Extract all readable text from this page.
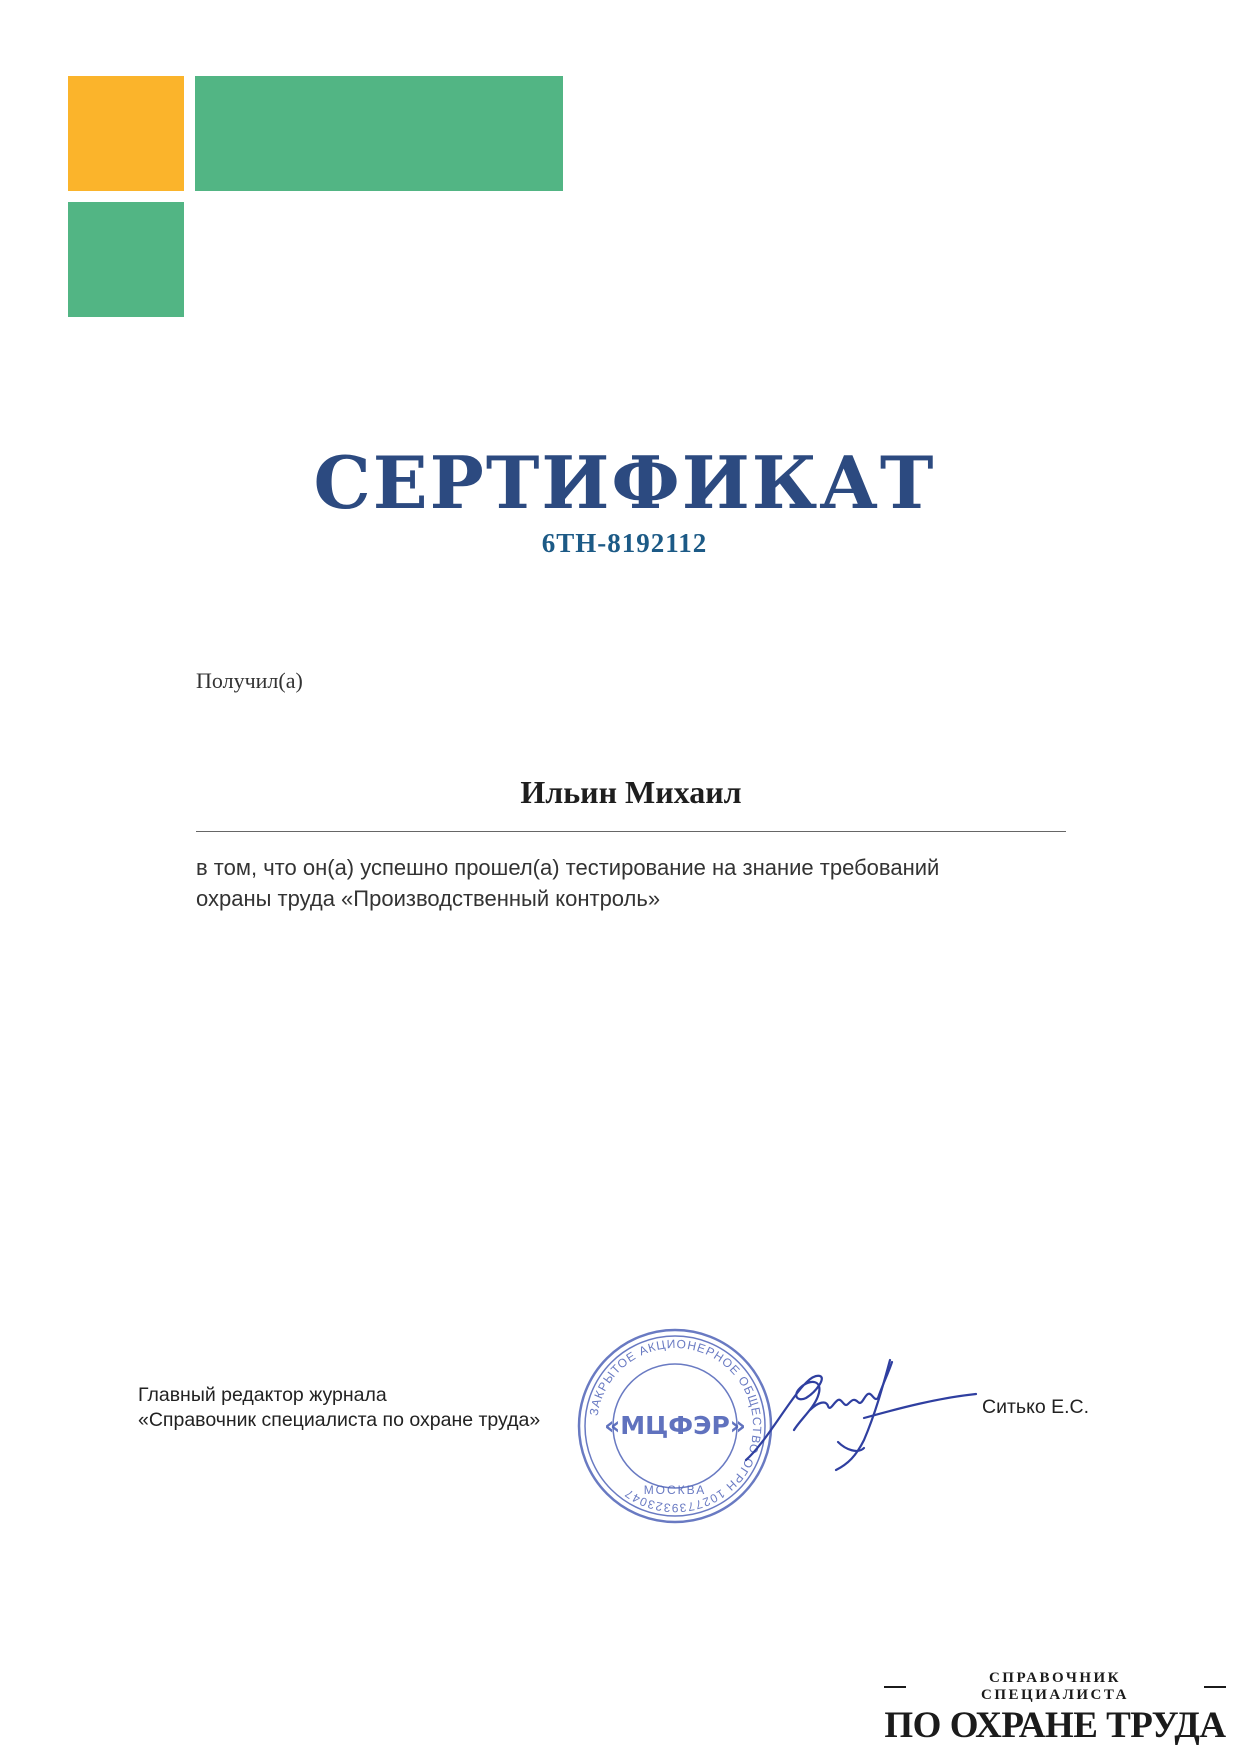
СЕРТИФИКАТ
6ТН-8192112
Получил(а)
Ильин Михаил
в том, что он(а) успешно прошел(а) тестирование на знание требований
охраны труда «Производственный контроль»
Главный редактор журнала
«Справочник специалиста по охране труда»	ЗАКРЫТОЕ АКЦИОНЕРНОЕ ОБЩЕСТВО ОГРН 1027739323047
«МЦФЭР»
МОСКВА
Ситько Е.С.
СПРАВОЧНИК СПЕЦИАЛИСТА
ПО ОХРАНЕ ТРУДА
